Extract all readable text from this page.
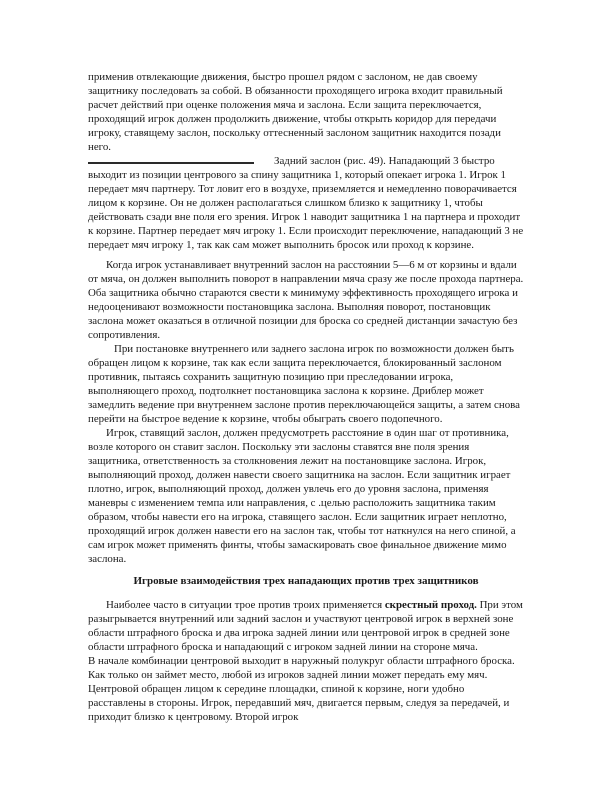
применив отвлекающие движения, быстро прошел рядом с заслоном, не дав своему защитнику последовать за собой. В обязанности проходящего игрока входит правильный расчет действий при оценке положения мяча и заслона. Если защита переключается, проходящий игрок должен продолжить движение, чтобы открыть коридор для передачи игроку, ставящему заслон, поскольку оттесненный заслоном защитник находится позади него.

Задний заслон (рис. 49). Нападающий 3 быстро

выходит из позиции центрового за спину защитника 1, который опекает игрока 1. Игрок 1 передает мяч партнеру. Тот ловит его в воздухе, приземляется и немедленно поворачивается лицом к корзине. Он не должен располагаться слишком близко к защитнику 1, чтобы действовать сзади вне поля его зрения. Игрок 1 наводит защитника 1 на партнера и проходит к корзине. Партнер передает мяч игроку 1. Если происходит переключение, нападающий 3 не передает мяч игроку 1, так как сам может выполнить бросок или проход к корзине.

Когда игрок устанавливает внутренний заслон на расстоянии 5—6 м от корзины и вдали от мяча, он должен выполнить поворот в направлении мяча сразу же после прохода партнера. Оба защитника обычно стараются свести к минимуму эффективность проходящего игрока и недооценивают возможности постановщика заслона. Выполняя поворот, постановщик заслона может оказаться в отличной позиции для броска со средней дистанции зачастую без сопротивления.

При постановке внутреннего или заднего заслона игрок по возможности должен быть обращен лицом к корзине, так как если защита переключается, блокированный заслоном противник, пытаясь сохранить защитную позицию при преследовании игрока, выполняющего проход, подтолкнет постановщика заслона к корзине. Дриблер может замедлить ведение при внутреннем заслоне против переключающейся защиты, а затем снова перейти на быстрое ведение к корзине, чтобы обыграть своего подопечного.

Игрок, ставящий заслон, должен предусмотреть расстояние в один шаг от противника, возле которого он ставит заслон. Поскольку эти заслоны ставятся вне поля зрения защитника, ответственность за столкновения лежит на постановщике заслона. Игрок, выполняющий проход, должен навести своего защитника на заслон. Если защитник играет плотно, игрок, выполняющий проход, должен увлечь его до уровня заслона, применяя маневры с изменением темпа или направления, с .целью расположить защитника таким образом, чтобы навести его на игрока, ставящего заслон. Если защитник играет неплотно, проходящий игрок должен навести его на заслон так, чтобы тот наткнулся на него спиной, а сам игрок может применять финты, чтобы замаскировать свое финальное движение мимо заслона.

Игровые взаимодействия трех нападающих против трех защитников

Наиболее часто в ситуации трое против троих применяется скрестный проход. При этом разыгрывается внутренний или задний заслон и участвуют центровой игрок в верхней зоне области штрафного броска и два игрока задней линии или центровой игрок в средней зоне области штрафного броска и нападающий с игроком задней линии на стороне мяча.

В начале комбинации центровой выходит в наружный полукруг области штрафного броска. Как только он займет место, любой из игроков задней линии может передать ему мяч. Центровой обращен лицом к середине площадки, спиной к корзине, ноги удобно расставлены в стороны. Игрок, передавший мяч, двигается первым, следуя за передачей, и приходит близко к центровому. Второй игрок
